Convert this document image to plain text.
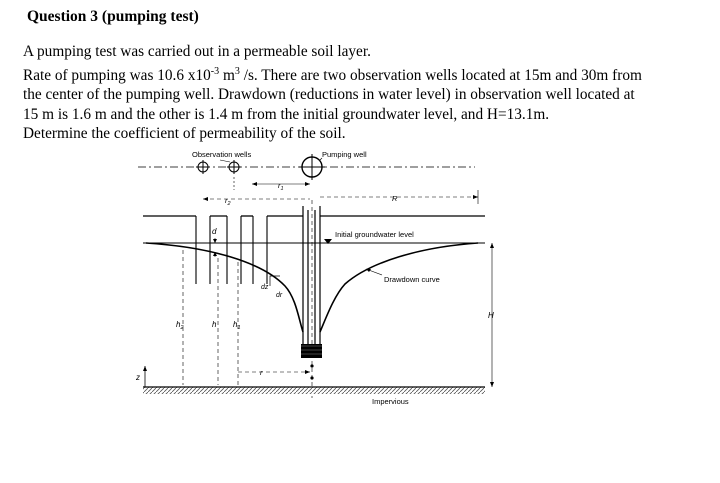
Question 3 (pumping test)

A pumping test was carried out in a permeable soil layer.

Rate of pumping was 10.6 $x10^{-3}$ $m^3$ /s. There are two observation wells located at 15m and 30m from

the center of the pumping well. Drawdown (reductions in water level) in observation well located at

15 m is 1.6 m and the other is 1.4 m from the initial groundwater level, and H=13.1m.

Determine the coefficient of permeability of the soil.

Observation wells	Pumping well
$r_1$
$r_2$
R
Initial groundwater level
Drawdown curve
d
dz
dr
$h_2$	h $h_1$
H
r
z
Impervious
